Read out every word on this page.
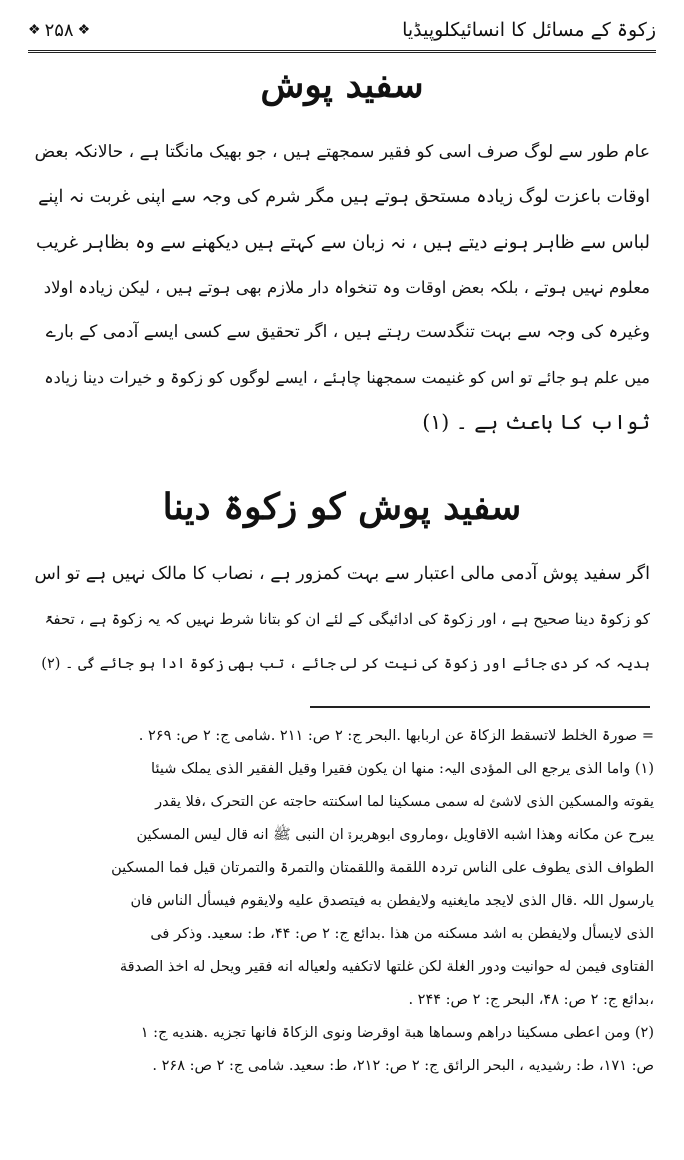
زکوۃ کے مسائل کا انسائیکلوپیڈیا
❖ ۲۵۸ ❖
سفید پوش
عام طور سے لوگ صرف اسی کو فقیر سمجھتے ہیں ، جو بھیک مانگتا ہے ، حالانکہ بعض
اوقات باعزت لوگ زیادہ مستحق ہوتے ہیں مگر شرم کی وجہ سے اپنی غربت نہ اپنے
لباس سے ظاہر ہونے دیتے ہیں ، نہ زبان سے کہتے ہیں دیکھنے سے وہ بظاہر غریب
معلوم نہیں ہوتے ، بلکہ بعض اوقات وہ تنخواہ دار ملازم بھی ہوتے ہیں ، لیکن زیادہ اولاد
وغیرہ کی وجہ سے بہت تنگدست رہتے ہیں ، اگر تحقیق سے کسی ایسے آدمی کے بارے
میں علم ہو جائے تو اس کو غنیمت سمجھنا چاہئے ، ایسے لوگوں کو زکوۃ و خیرات دینا زیادہ
ثواب کا باعث ہے ۔ (۱)
سفید پوش کو زکوۃ دینا
اگر سفید پوش آدمی مالی اعتبار سے بہت کمزور ہے ، نصاب کا مالک نہیں ہے تو اس
کو زکوۃ دینا صحیح ہے ، اور زکوۃ کی ادائیگی کے لئے ان کو بتانا شرط نہیں کہ یہ زکوۃ ہے ، تحفۃً
ہدیہ کہ کر دی جائے اور زکوۃ کی نیت کر لی جائے ، تب بھی زکوۃ ادا ہو جائے گی ۔ (۲)
= صورۃ الخلط لاتسقط الزکاۃ عن اربابھا .البحر ج: ۲ ص: ۲۱۱ .شامی ج: ۲ ص: ۲۶۹ .
(۱) واما الذی یرجع الی المؤدی الیہ: منھا ان یکون فقیرا وقیل الفقیر الذی یملک شیئا
یقوته والمسکین الذی لاشئ له سمی مسکینا لما اسکنته حاجته عن التحرک ،فلا یقدر
یبرح عن مکانه وھذا اشبه الاقاویل ،وماروی ابوھریرۃ ان النبی ﷺ انه قال لیس المسکین
الطواف الذی یطوف علی الناس تردہ اللقمة واللقمتان والتمرۃ والتمرتان قیل فما المسکین
یارسول اللہ .قال الذی لایجد مایغنیه ولایفطن به فیتصدق علیه ولایقوم فیسأل الناس فان
الذی لایسأل ولایفطن به اشد مسکنه من ھذا .بدائع ج: ۲ ص: ۴۴، ط: سعید. وذکر فی
الفتاوی فیمن له حوانیت ودور الغلة لکن غلتھا لاتکفیه ولعیاله انه فقیر ویحل له اخذ الصدقة
،بدائع ج: ۲ ص: ۴۸، البحر ج: ۲ ص: ۲۴۴ .
(۲) ومن اعطی مسکینا دراھم وسماھا ھبة اوقرضا ونوی الزکاۃ فانھا تجزیه .ھندیه ج: ۱
ص: ۱۷۱، ط: رشیدیه ، البحر الرائق ج: ۲ ص: ۲۱۲، ط: سعید. شامی ج: ۲ ص: ۲۶۸ .
